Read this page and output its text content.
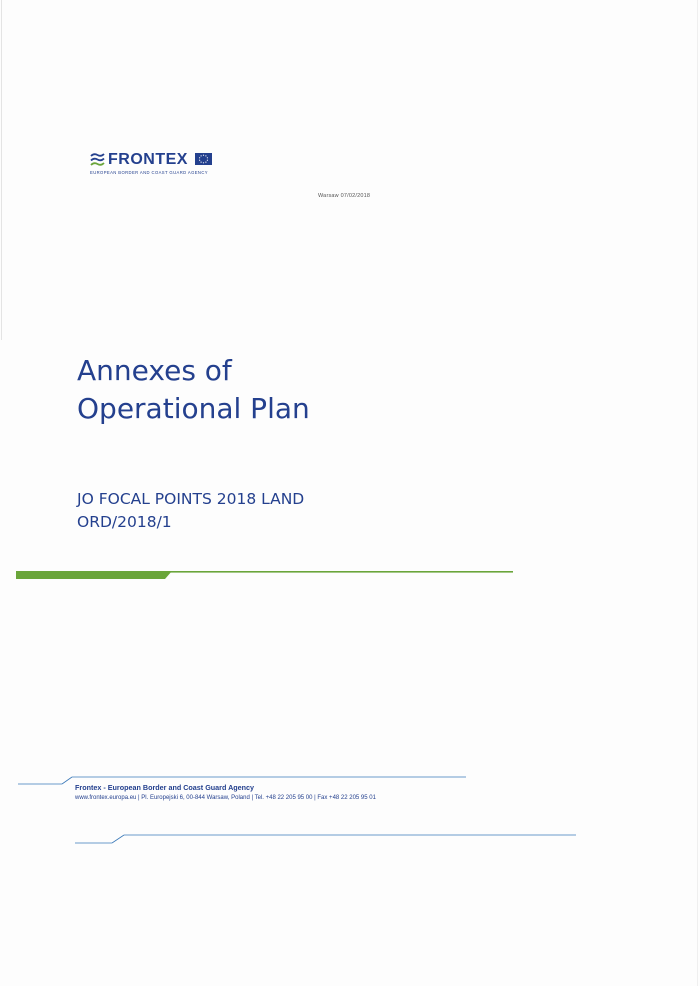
FRONTEX
EUROPEAN BORDER AND COAST GUARD AGENCY
Warsaw 07/02/2018
Annexes of
Operational Plan
JO FOCAL POINTS 2018 LAND
ORD/2018/1
Frontex - European Border and Coast Guard Agency
www.frontex.europa.eu | Pl. Europejski 6, 00-844 Warsaw, Poland | Tel. +48 22 205 95 00 | Fax +48 22 205 95 01
